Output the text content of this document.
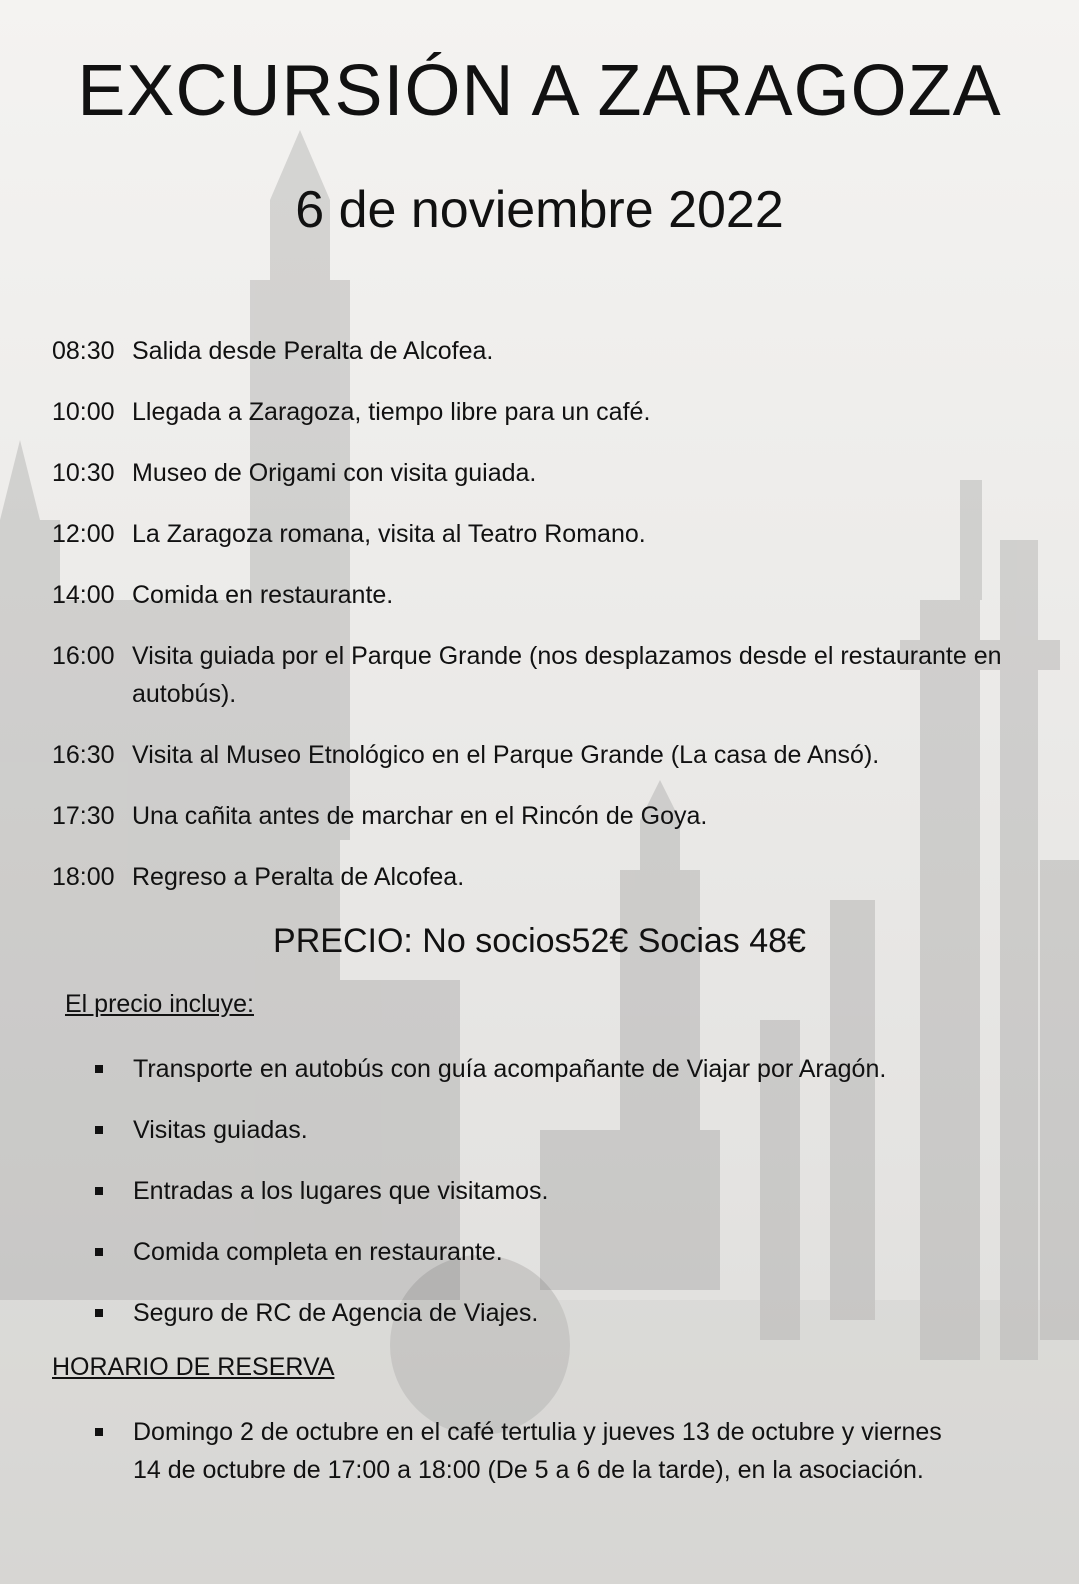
EXCURSIÓN A ZARAGOZA
6 de noviembre 2022
08:30 Salida desde Peralta de Alcofea.
10:00 Llegada a Zaragoza, tiempo libre para un café.
10:30 Museo de Origami con visita guiada.
12:00 La Zaragoza romana, visita al Teatro Romano.
14:00 Comida en restaurante.
16:00 Visita guiada por el Parque Grande (nos desplazamos desde el restaurante en autobús).
16:30 Visita al Museo Etnológico en el Parque Grande (La casa de Ansó).
17:30 Una cañita antes de marchar en el Rincón de Goya.
18:00 Regreso a Peralta de Alcofea.

PRECIO: No socios52€ Socias 48€

El precio incluye:

Transporte en autobús con guía acompañante de Viajar por Aragón.
Visitas guiadas.
Entradas a los lugares que visitamos.
Comida completa en restaurante.
Seguro de RC de Agencia de Viajes.

HORARIO DE RESERVA

Domingo 2 de octubre en el café tertulia y jueves 13 de octubre y viernes 14 de octubre de 17:00 a 18:00 (De 5 a 6 de la tarde), en la asociación.
